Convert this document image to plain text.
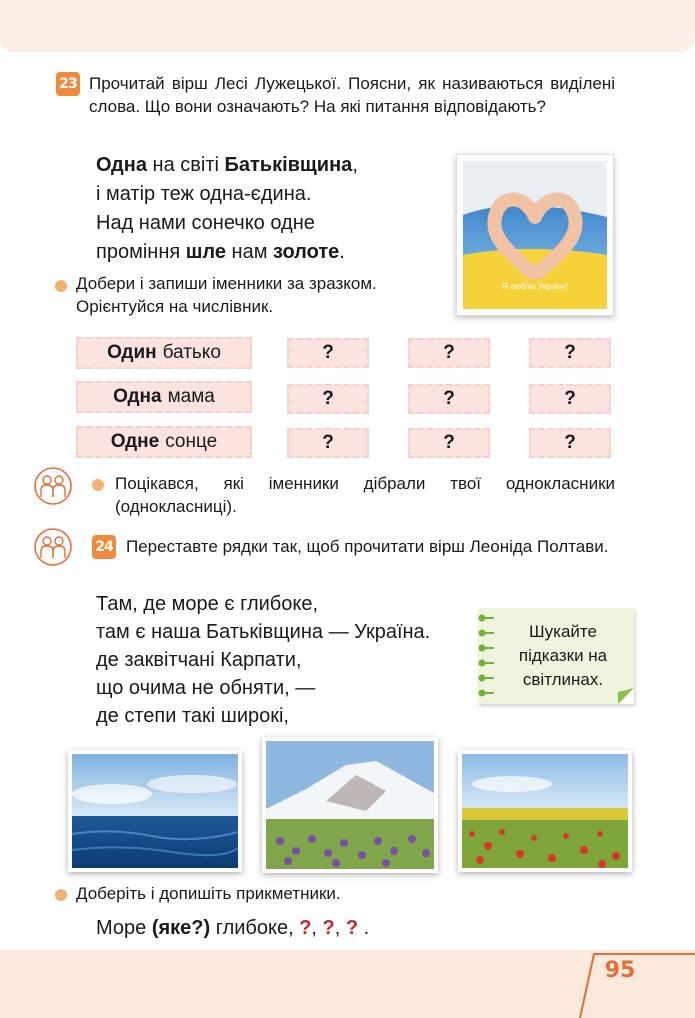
23 Прочитай вірш Лесі Лужецької. Поясни, як називаються виділені слова. Що вони означають? На які питання відповідають?
Одна на світі Батьківщина,
і матір теж одна-єдина.
Над нами сонечко одне
проміння шле нам золоте.
Я люблю Україну!
Добери і запиши іменники за зразком. Орієнтуйся на числівник.
Один батько	?	?	?
Одна мама	?	?	?
Одне сонце	?	?	?
Поцікався, які іменники дібрали твої однокласники (однокласниці).
24 Переставте рядки так, щоб прочитати вірш Леоніда Полтави.
Там, де море є глибоке,
там є наша Батьківщина — Україна.
де заквітчані Карпати,
що очима не обняти, —
де степи такі широкі,
Шукайте підказки на світлинах.
Доберіть і допишіть прикметники.
Море (яке?) глибоке, ?, ?, ? .
95
